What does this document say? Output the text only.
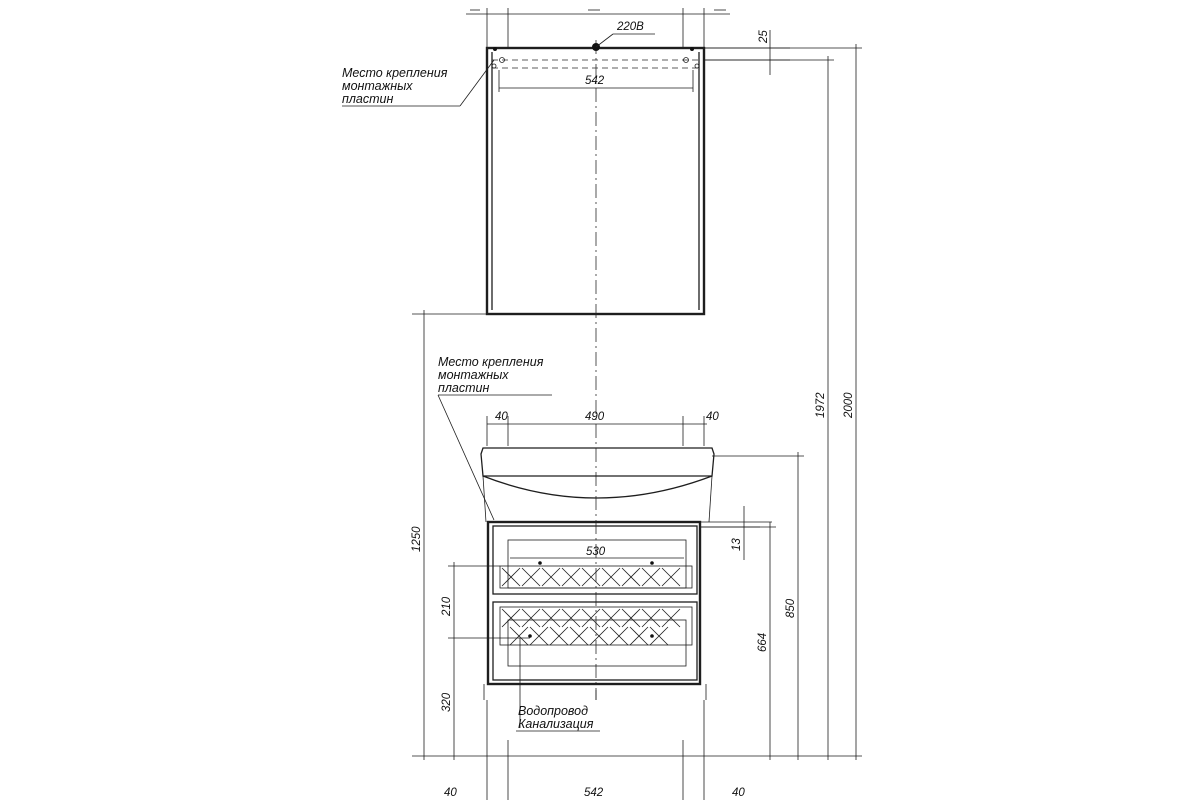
220В
542
25
Место крепления
монтажных
пластин
40	490	40
Место крепления
монтажных
пластин
530
13
1250
210
320
664
850
1972 2000
Водопровод
Канализация
40	542	40
